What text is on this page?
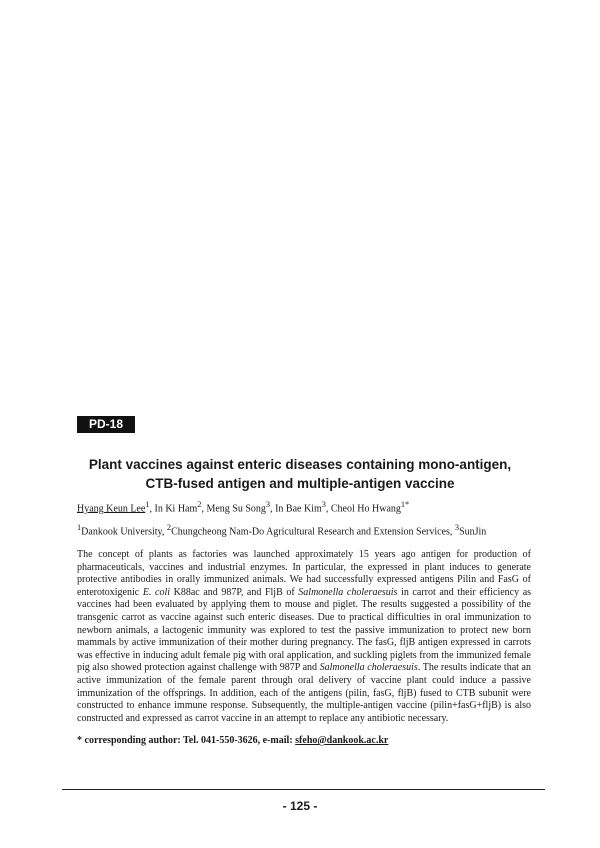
PD-18
Plant vaccines against enteric diseases containing mono-antigen,
CTB-fused antigen and multiple-antigen vaccine

Hyang Keun Lee$^1$, In Ki Ham$^2$, Meng Su Song$^3$, In Bae Kim$^3$, Cheol Ho Hwang$^{1*}$

$^1$Dankook University, $^2$Chungcheong Nam-Do Agricultural Research and Extension Services, $^3$SunJin

The concept of plants as factories was launched approximately 15 years ago antigen for production of pharmaceuticals, vaccines and industrial enzymes. In particular, the expressed in plant induces to generate protective antibodies in orally immunized animals. We had successfully expressed antigens Pilin and FasG of enterotoxigenic E. coli K88ac and 987P, and FljB of Salmonella choleraesuis in carrot and their efficiency as vaccines had been evaluated by applying them to mouse and piglet. The results suggested a possibility of the transgenic carrot as vaccine against such enteric diseases. Due to practical difficulties in oral immunization to newborn animals, a lactogenic immunity was explored to test the passive immunization to protect new born mammals by active immunization of their mother during pregnancy. The fasG, fljB antigen expressed in carrots was effective in inducing adult female pig with oral application, and suckling piglets from the immunized female pig also showed protection against challenge with 987P and Salmonella choleraesuis. The results indicate that an active immunization of the female parent through oral delivery of vaccine plant could induce a passive immunization of the offsprings. In addition, each of the antigens (pilin, fasG, fljB) fused to CTB subunit were constructed to enhance immune response. Subsequently, the multiple-antigen vaccine (pilin+fasG+fljB) is also constructed and expressed as carrot vaccine in an attempt to replace any antibiotic necessary.

* corresponding author: Tel. 041-550-3626, e-mail: sfeho@dankook.ac.kr

- 125 -
